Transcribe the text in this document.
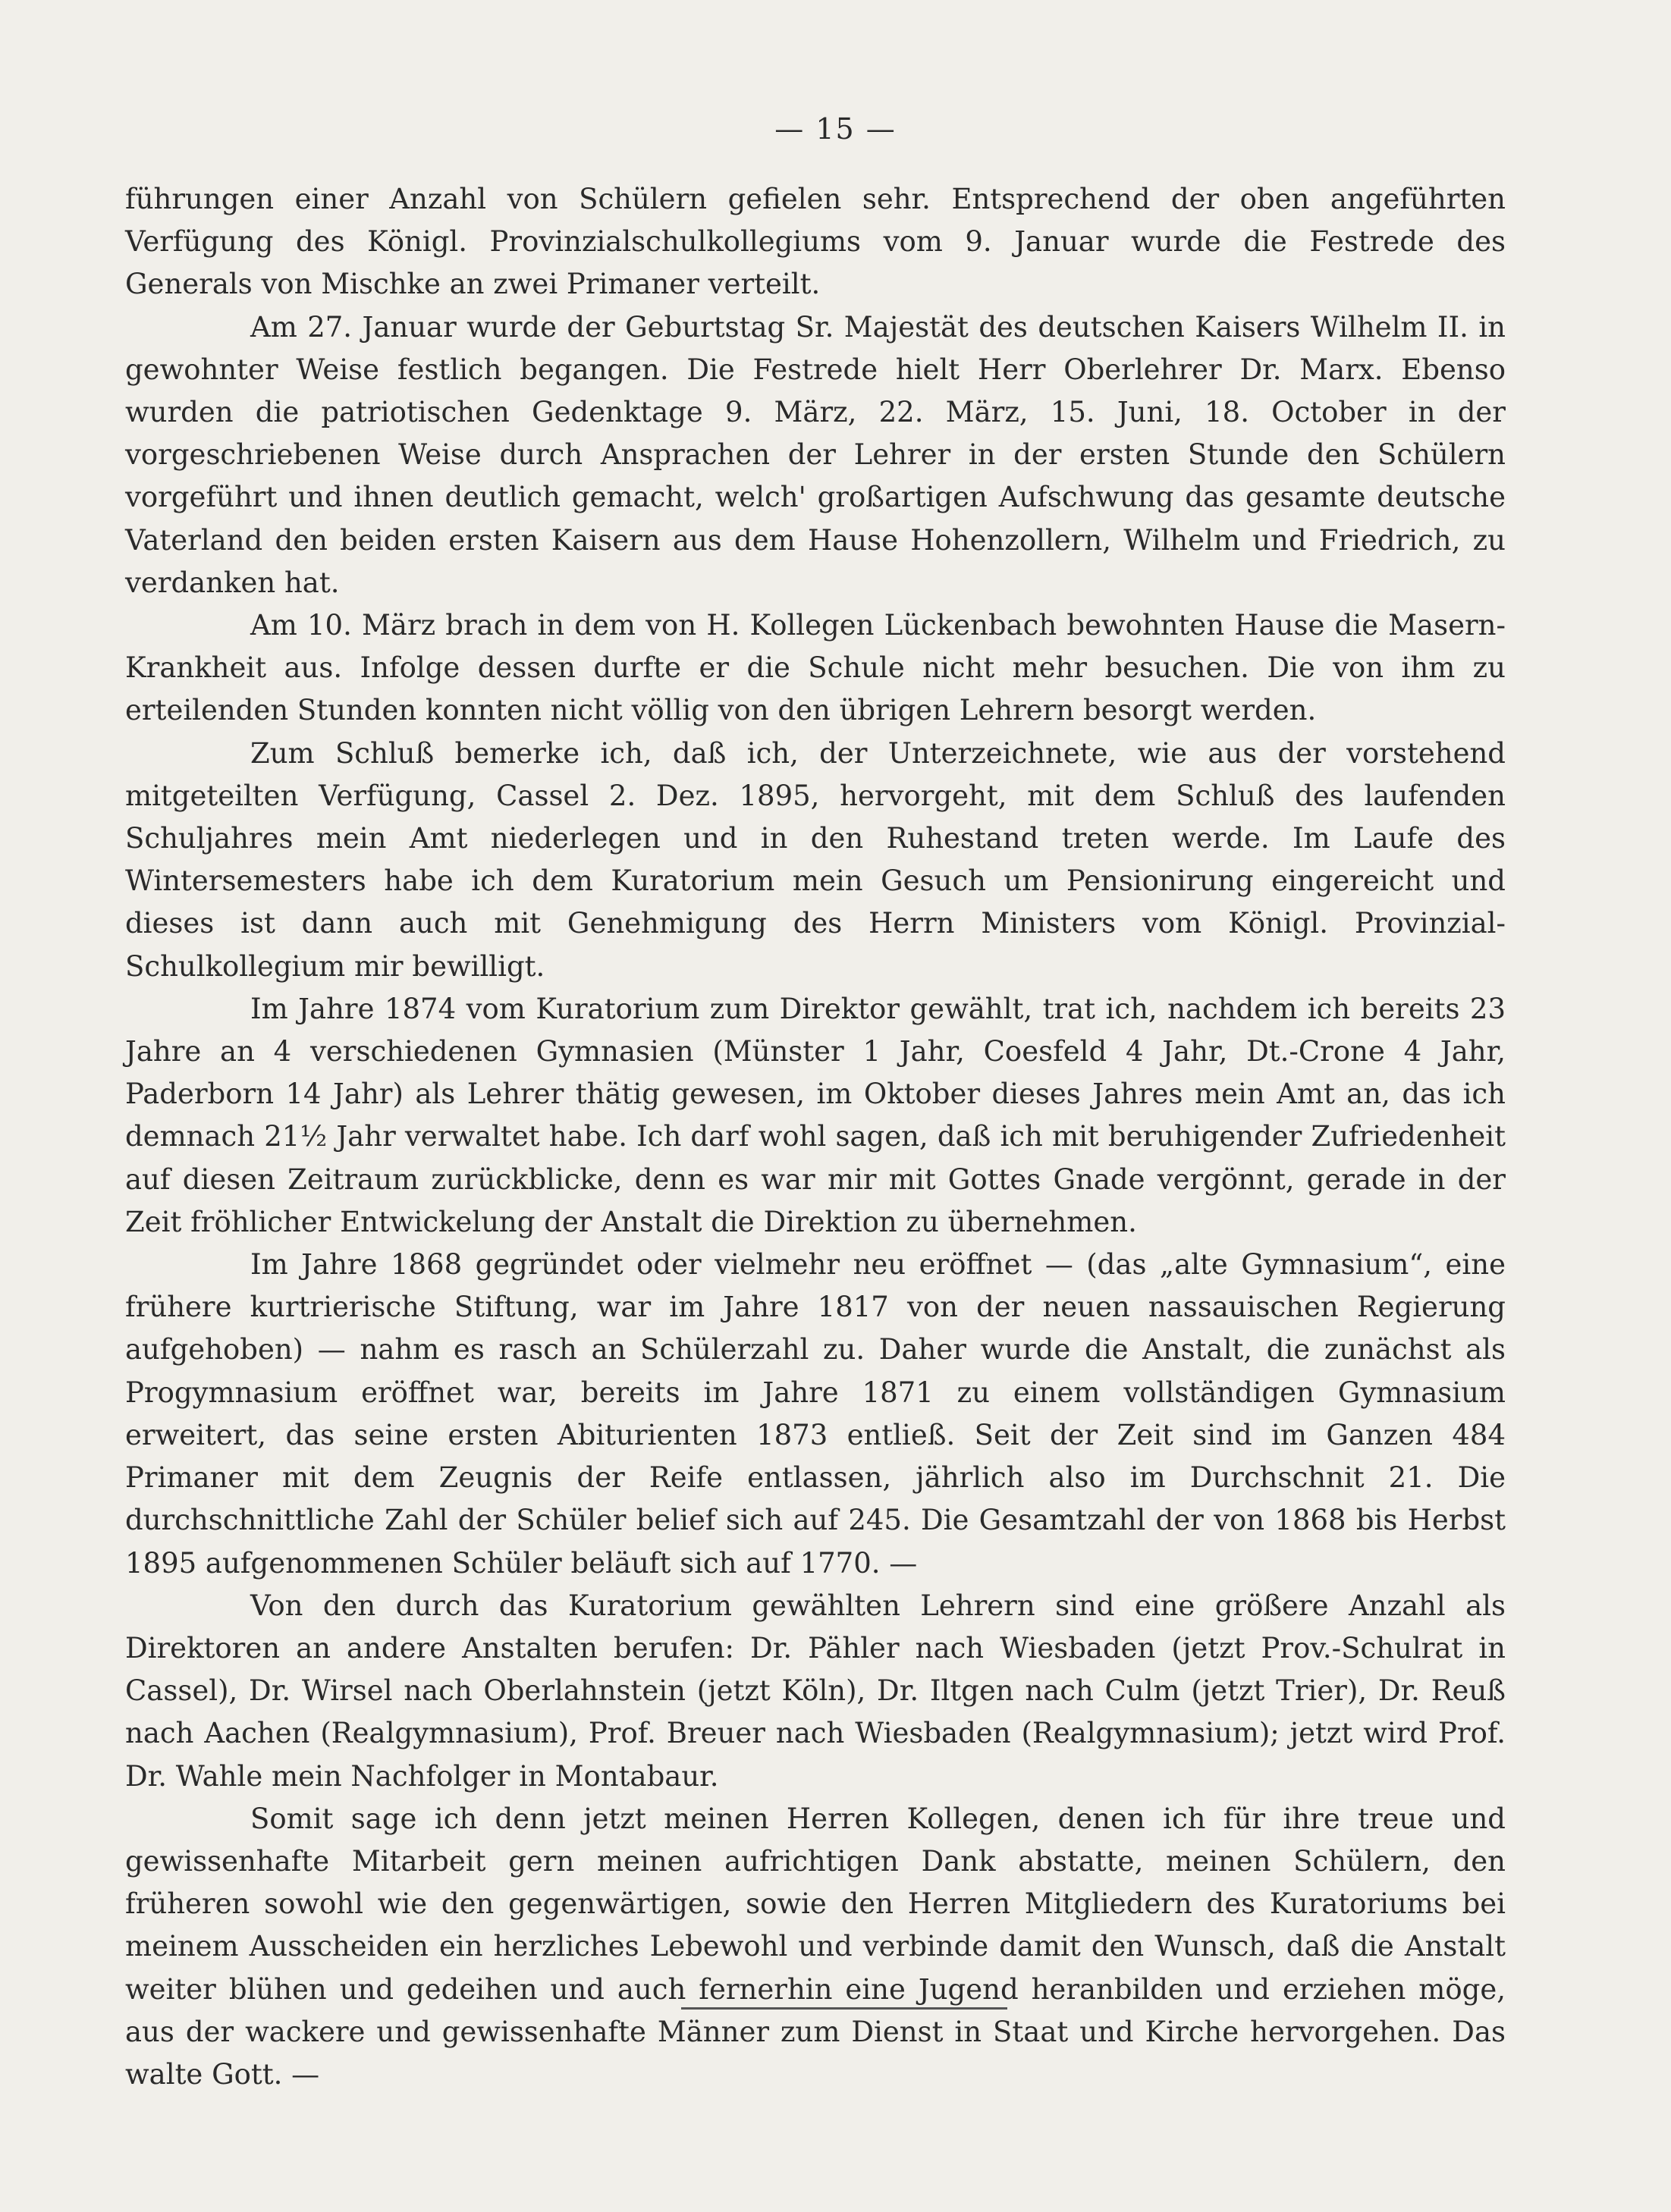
— 15 —

führungen einer Anzahl von Schülern gefielen sehr. Entsprechend der oben angeführten Verfügung des Königl. Provinzialschulkollegiums vom 9. Januar wurde die Festrede des Generals von Mischke an zwei Primaner verteilt.

Am 27. Januar wurde der Geburtstag Sr. Majestät des deutschen Kaisers Wilhelm II. in gewohnter Weise festlich begangen. Die Festrede hielt Herr Oberlehrer Dr. Marx. Ebenso wurden die patriotischen Gedenktage 9. März, 22. März, 15. Juni, 18. October in der vorgeschriebenen Weise durch Ansprachen der Lehrer in der ersten Stunde den Schülern vorgeführt und ihnen deutlich gemacht, welch' großartigen Aufschwung das gesamte deutsche Vaterland den beiden ersten Kaisern aus dem Hause Hohenzollern, Wilhelm und Friedrich, zu verdanken hat.

Am 10. März brach in dem von H. Kollegen Lückenbach bewohnten Hause die Masern-Krankheit aus. Infolge dessen durfte er die Schule nicht mehr besuchen. Die von ihm zu erteilenden Stunden konnten nicht völlig von den übrigen Lehrern besorgt werden.

Zum Schluß bemerke ich, daß ich, der Unterzeichnete, wie aus der vorstehend mitgeteilten Verfügung, Cassel 2. Dez. 1895, hervorgeht, mit dem Schluß des laufenden Schuljahres mein Amt niederlegen und in den Ruhestand treten werde. Im Laufe des Wintersemesters habe ich dem Kuratorium mein Gesuch um Pensionirung eingereicht und dieses ist dann auch mit Genehmigung des Herrn Ministers vom Königl. Provinzial-Schulkollegium mir bewilligt.

Im Jahre 1874 vom Kuratorium zum Direktor gewählt, trat ich, nachdem ich bereits 23 Jahre an 4 verschiedenen Gymnasien (Münster 1 Jahr, Coesfeld 4 Jahr, Dt.-Crone 4 Jahr, Paderborn 14 Jahr) als Lehrer thätig gewesen, im Oktober dieses Jahres mein Amt an, das ich demnach 21½ Jahr verwaltet habe. Ich darf wohl sagen, daß ich mit beruhigender Zufriedenheit auf diesen Zeitraum zurückblicke, denn es war mir mit Gottes Gnade vergönnt, gerade in der Zeit fröhlicher Entwickelung der Anstalt die Direktion zu übernehmen.

Im Jahre 1868 gegründet oder vielmehr neu eröffnet — (das „alte Gymnasium“, eine frühere kurtrierische Stiftung, war im Jahre 1817 von der neuen nassauischen Regierung aufgehoben) — nahm es rasch an Schülerzahl zu. Daher wurde die Anstalt, die zunächst als Progymnasium eröffnet war, bereits im Jahre 1871 zu einem vollständigen Gymnasium erweitert, das seine ersten Abiturienten 1873 entließ. Seit der Zeit sind im Ganzen 484 Primaner mit dem Zeugnis der Reife entlassen, jährlich also im Durchschnit 21. Die durchschnittliche Zahl der Schüler belief sich auf 245. Die Gesamtzahl der von 1868 bis Herbst 1895 aufgenommenen Schüler beläuft sich auf 1770. —

Von den durch das Kuratorium gewählten Lehrern sind eine größere Anzahl als Direktoren an andere Anstalten berufen: Dr. Pähler nach Wiesbaden (jetzt Prov.-Schulrat in Cassel), Dr. Wirsel nach Oberlahnstein (jetzt Köln), Dr. Iltgen nach Culm (jetzt Trier), Dr. Reuß nach Aachen (Realgymnasium), Prof. Breuer nach Wiesbaden (Realgymnasium); jetzt wird Prof. Dr. Wahle mein Nachfolger in Montabaur.

Somit sage ich denn jetzt meinen Herren Kollegen, denen ich für ihre treue und gewissenhafte Mitarbeit gern meinen aufrichtigen Dank abstatte, meinen Schülern, den früheren sowohl wie den gegenwärtigen, sowie den Herren Mitgliedern des Kuratoriums bei meinem Ausscheiden ein herzliches Lebewohl und verbinde damit den Wunsch, daß die Anstalt weiter blühen und gedeihen und auch fernerhin eine Jugend heranbilden und erziehen möge, aus der wackere und gewissenhafte Männer zum Dienst in Staat und Kirche hervorgehen. Das walte Gott. —
